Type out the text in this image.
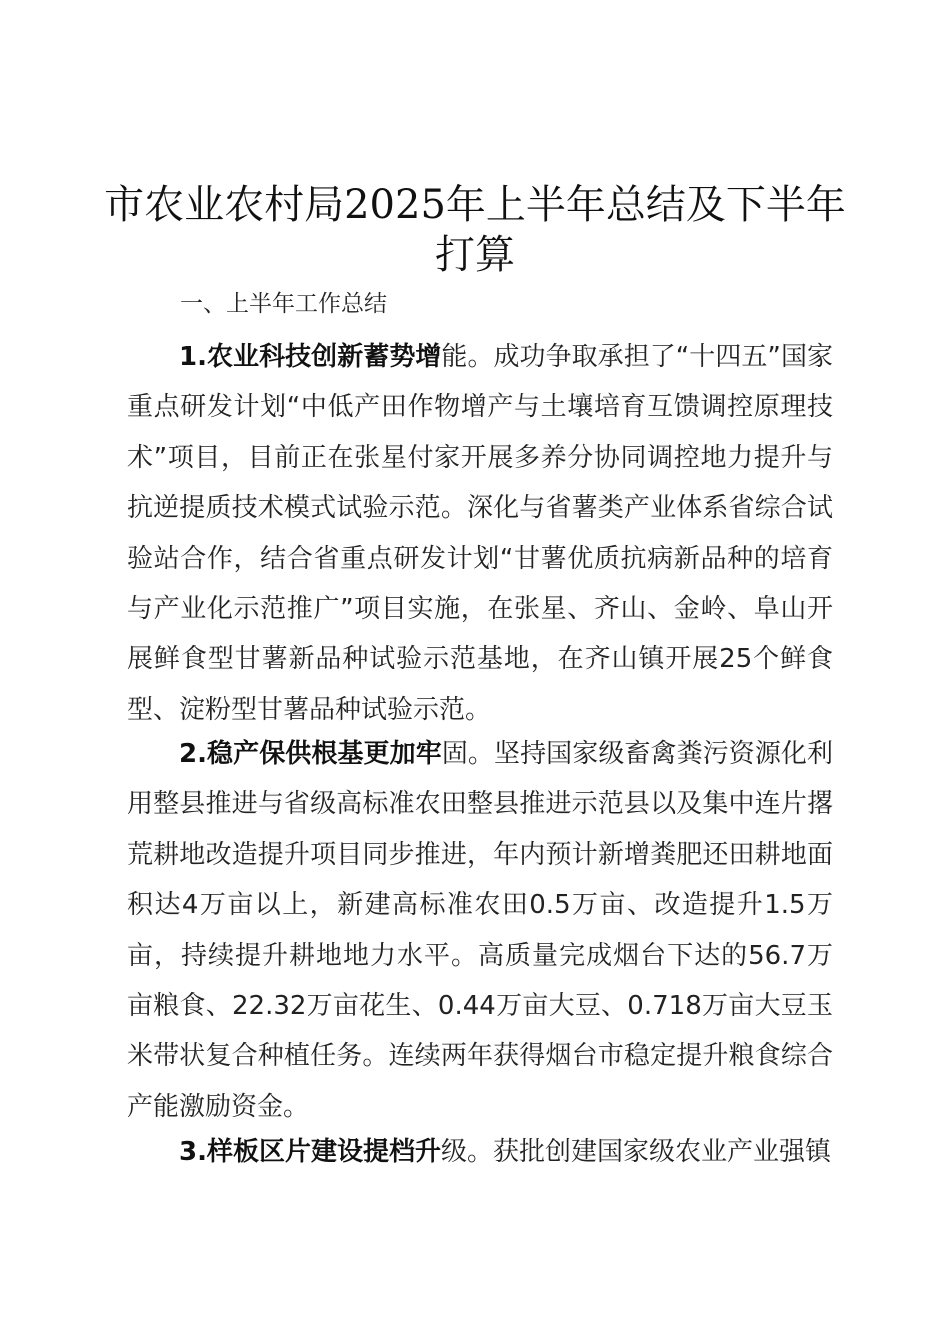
市农业农村局2025年上半年总结及下半年打算

一、上半年工作总结

1.农业科技创新蓄势增能。成功争取承担了“十四五”国家重点研发计划“中低产田作物增产与土壤培育互馈调控原理技术”项目，目前正在张星付家开展多养分协同调控地力提升与抗逆提质技术模式试验示范。深化与省薯类产业体系省综合试验站合作，结合省重点研发计划“甘薯优质抗病新品种的培育与产业化示范推广”项目实施，在张星、齐山、金岭、阜山开展鲜食型甘薯新品种试验示范基地，在齐山镇开展25个鲜食型、淀粉型甘薯品种试验示范。

2.稳产保供根基更加牢固。坚持国家级畜禽粪污资源化利用整县推进与省级高标准农田整县推进示范县以及集中连片撂荒耕地改造提升项目同步推进，年内预计新增粪肥还田耕地面积达4万亩以上，新建高标准农田0.5万亩、改造提升1.5万亩，持续提升耕地地力水平。高质量完成烟台下达的56.7万亩粮食、22.32万亩花生、0.44万亩大豆、0.718万亩大豆玉米带状复合种植任务。连续两年获得烟台市稳定提升粮食综合产能激励资金。

3.样板区片建设提档升级。获批创建国家级农业产业强镇
